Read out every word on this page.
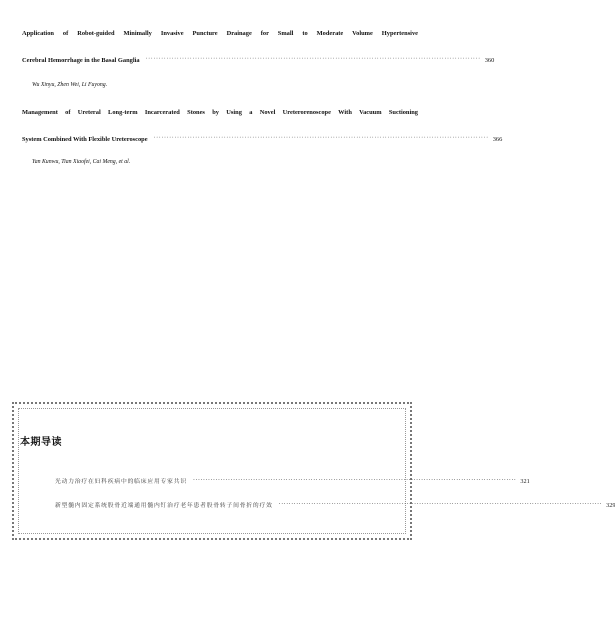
Application of Robot-guided Minimally Invasive Puncture Drainage for Small to Moderate Volume Hypertensive
Cerebral Hemorrhage in the Basal Ganglia ································································································································· 360
Wu Xinyu, Zhen Wei, Li Fuyong.
Management of Ureteral Long-term Incarcerated Stones by Using a Novel Ureterorenoscope With Vacuum Suctioning
System Combined With Flexible Ureteroscope ································································································································· 366
Yan Kunwu, Tian Xiaofei, Cai Meng, et al.
本期导读
光动力治疗在妇科疾病中的临床应用专家共识 ································································································································· 321
新型髓内固定系统股骨近端通用髓内钉治疗老年患者股骨转子间骨折的疗效 ································································································································· 329
